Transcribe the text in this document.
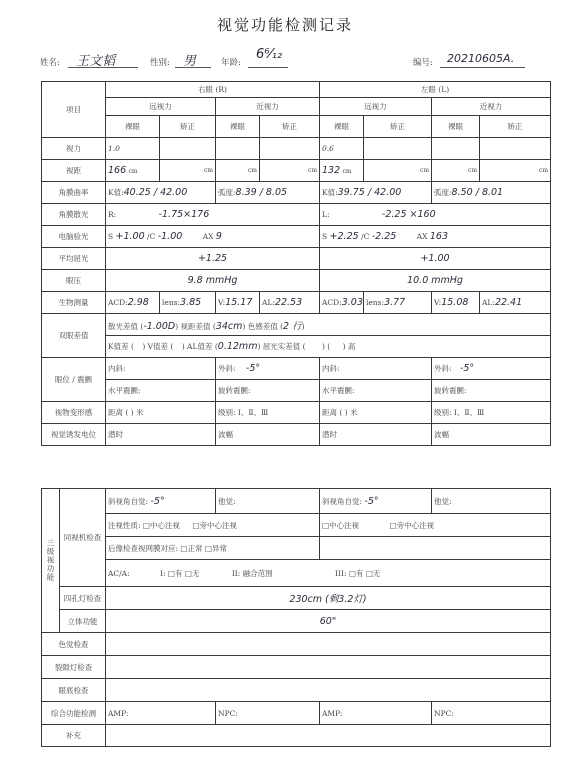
视觉功能检测记录
姓名: 王文韬	性别: 男	年龄:
6⁶⁄₁₂
编号: 20210605A.
项目	右眼 (R)				左眼 (L)			
	远视力		近视力		远视力		近视力	
	裸眼	矫正	裸眼	矫正	裸眼	矫正	裸眼	矫正
视力	1.0				0.6			
视距	166 cm	cm	cm	cm	132 cm	cm	cm	cm
角膜曲率	K值:40.25 / 42.00		弧度:8.39 / 8.05		K值:39.75 / 42.00		弧度:8.50 / 8.01	
角膜散光	R: -1.75×176				L: -2.25 ×160			
电脑验光	S +1.00 /C -1.00 AX 9				S +2.25 /C -2.25 AX 163			
平均屈光	+1.25				+1.00			
眼压	9.8 mmHg				10.0 mmHg			
生物测量	ACD:2.98	lens:3.85	V:15.17	AL:22.53	ACD:3.03	lens:3.77	V:15.08	AL:22.41
双眼差值	散光差值 (-1.00D) 视距差值 (34cm) 色感差值 (2 行)							
	K值差 ( ) V值差 ( ) AL值差 (0.12mm) 屈光实差值 ( ) ( ) 高							
眼位 / 震颤	内斜:		外斜: -5°		内斜:		外斜: -5°	
	水平震颤:		旋转震颤:		水平震颤:		旋转震颤:	
视物变形感	距离 ( ) 米		级别: Ⅰ、Ⅱ、Ⅲ		距离 ( ) 米		级别: Ⅰ、Ⅱ、Ⅲ	
视觉诱发电位	潜时		波幅		潜时		波幅	
三级视功能	同视机检查	斜视角自觉: -5°	他觉:	斜视角自觉: -5°	他觉:
		注视性质: □中心注视 □旁中心注视		□中心注视 □旁中心注视	
		后像检查视网膜对应: □正常 □异常			
		AC/A: I: □有 □无 II: 融合范围 III: □有 □无			
	四孔灯检查	230cm (剩3.2灯)			
	立体功能	60"			
色觉检查					
裂隙灯检查					
眼底检查					
综合功能检测		AMP:	NPC:	AMP:	NPC:
补充					
